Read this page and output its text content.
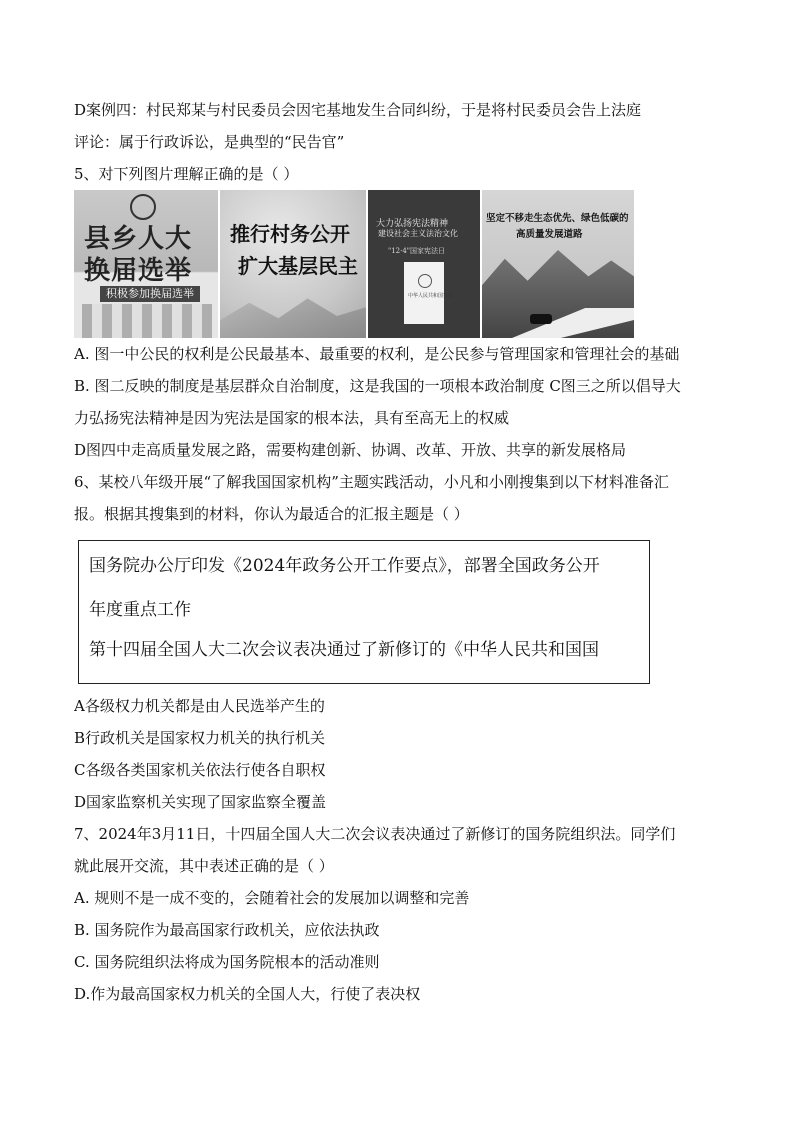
D案例四：村民郑某与村民委员会因宅基地发生合同纠纷，于是将村民委员会告上法庭
评论：属于行政诉讼，是典型的“民告官”
5、对下列图片理解正确的是（ ）
县乡人大
换届选举
积极参加换届选举
推行村务公开
扩大基层民主
大力弘扬宪法精神
建设社会主义法治文化
"12·4"国家宪法日
中华人民共和国宪法
坚定不移走生态优先、绿色低碳的
高质量发展道路
A. 图一中公民的权利是公民最基本、最重要的权利，是公民参与管理国家和管理社会的基础
B. 图二反映的制度是基层群众自治制度，这是我国的一项根本政治制度 C图三之所以倡导大
力弘扬宪法精神是因为宪法是国家的根本法，具有至高无上的权威
D图四中走高质量发展之路，需要构建创新、协调、改革、开放、共享的新发展格局
6、某校八年级开展“了解我国国家机构”主题实践活动，小凡和小刚搜集到以下材料准备汇
报。根据其搜集到的材料，你认为最适合的汇报主题是（ ）
国务院办公厅印发《2024年政务公开工作要点》，部署全国政务公开
年度重点工作
第十四届全国人大二次会议表决通过了新修订的《中华人民共和国国
A各级权力机关都是由人民选举产生的
B行政机关是国家权力机关的执行机关
C各级各类国家机关依法行使各自职权
D国家监察机关实现了国家监察全覆盖
7、2024年3月11日，十四届全国人大二次会议表决通过了新修订的国务院组织法。同学们
就此展开交流，其中表述正确的是（ ）
A. 规则不是一成不变的，会随着社会的发展加以调整和完善
B. 国务院作为最高国家行政机关，应依法执政
C. 国务院组织法将成为国务院根本的活动准则
D.作为最高国家权力机关的全国人大，行使了表决权
